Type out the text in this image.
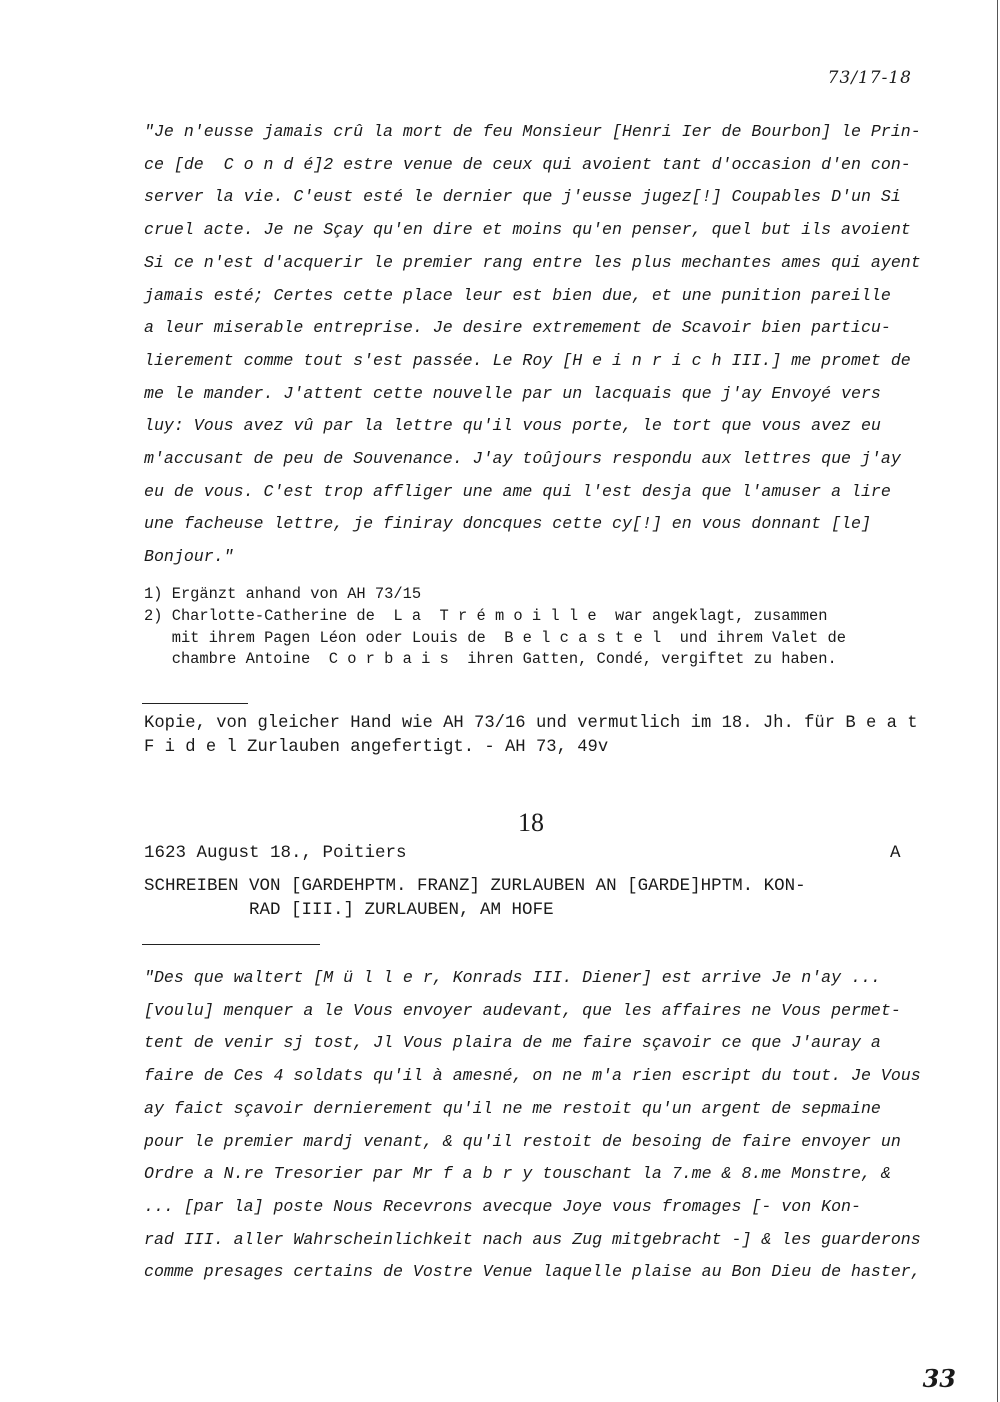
73/17-18
"Je n'eusse jamais crû la mort de feu Monsieur [Henri Ier de Bourbon] le Prin-
ce [de  C o n d é]2 estre venue de ceux qui avoient tant d'occasion d'en con-
server la vie. C'eust esté le dernier que j'eusse jugez[!] Coupables D'un Si
cruel acte. Je ne Sçay qu'en dire et moins qu'en penser, quel but ils avoient
Si ce n'est d'acquerir le premier rang entre les plus mechantes ames qui ayent
jamais esté; Certes cette place leur est bien due, et une punition pareille
a leur miserable entreprise. Je desire extremement de Scavoir bien particu-
lierement comme tout s'est passée. Le Roy [H e i n r i c h III.] me promet de
me le mander. J'attent cette nouvelle par un lacquais que j'ay Envoyé vers
luy: Vous avez vû par la lettre qu'il vous porte, le tort que vous avez eu
m'accusant de peu de Souvenance. J'ay toûjours respondu aux lettres que j'ay
eu de vous. C'est trop affliger une ame qui l'est desja que l'amuser a lire
une facheuse lettre, je finiray doncques cette cy[!] en vous donnant [le]
Bonjour."
1) Ergänzt anhand von AH 73/15
2) Charlotte-Catherine de  L a  T r é m o i l l e  war angeklagt, zusammen
mit ihrem Pagen Léon oder Louis de  B e l c a s t e l  und ihrem Valet de
chambre Antoine  C o r b a i s  ihren Gatten, Condé, vergiftet zu haben.
Kopie, von gleicher Hand wie AH 73/16 und vermutlich im 18. Jh. für B e a t
F i d e l Zurlauben angefertigt. - AH 73, 49v
18
1623 August 18., Poitiers	A
SCHREIBEN VON [GARDEHPTM. FRANZ] ZURLAUBEN AN [GARDE]HPTM. KON-
RAD [III.] ZURLAUBEN, AM HOFE
"Des que waltert [M ü l l e r, Konrads III. Diener] est arrive Je n'ay ...
[voulu] menquer a le Vous envoyer audevant, que les affaires ne Vous permet-
tent de venir sj tost, Jl Vous plaira de me faire sçavoir ce que J'auray a
faire de Ces 4 soldats qu'il à amesné, on ne m'a rien escript du tout. Je Vous
ay faict sçavoir dernierement qu'il ne me restoit qu'un argent de sepmaine
pour le premier mardj venant, & qu'il restoit de besoing de faire envoyer un
Ordre a N.re Tresorier par Mr f a b r y touschant la 7.me & 8.me Monstre, &
... [par la] poste Nous Recevrons avecque Joye vous fromages [- von Kon-
rad III. aller Wahrscheinlichkeit nach aus Zug mitgebracht -] & les guarderons
comme presages certains de Vostre Venue laquelle plaise au Bon Dieu de haster,
33
